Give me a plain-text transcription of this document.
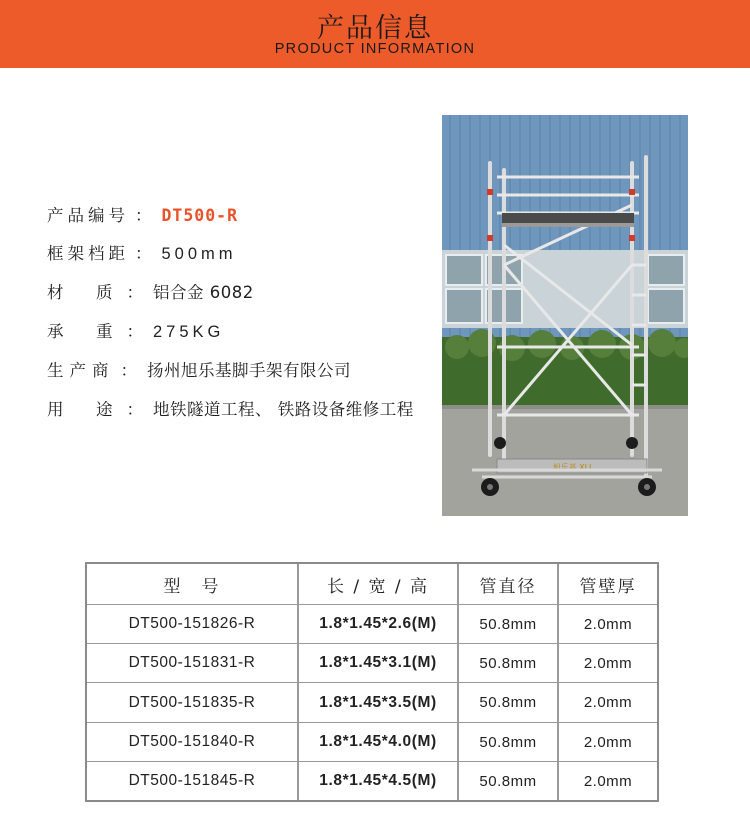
产品信息
PRODUCT INFORMATION
产品编号 ： DT500-R
框架档距 ： 500mm
材　质 ： 铝合金 6082
承　重 ： 275KG
生产商 ： 扬州旭乐基脚手架有限公司
用　途 ： 地铁隧道工程、 铁路设备维修工程
旭乐基 XLJ
型　号	长 / 宽 / 高	管直径	管壁厚
DT500-151826-R	1.8*1.45*2.6(M)	50.8mm	2.0mm
DT500-151831-R	1.8*1.45*3.1(M)	50.8mm	2.0mm
DT500-151835-R	1.8*1.45*3.5(M)	50.8mm	2.0mm
DT500-151840-R	1.8*1.45*4.0(M)	50.8mm	2.0mm
DT500-151845-R	1.8*1.45*4.5(M)	50.8mm	2.0mm
